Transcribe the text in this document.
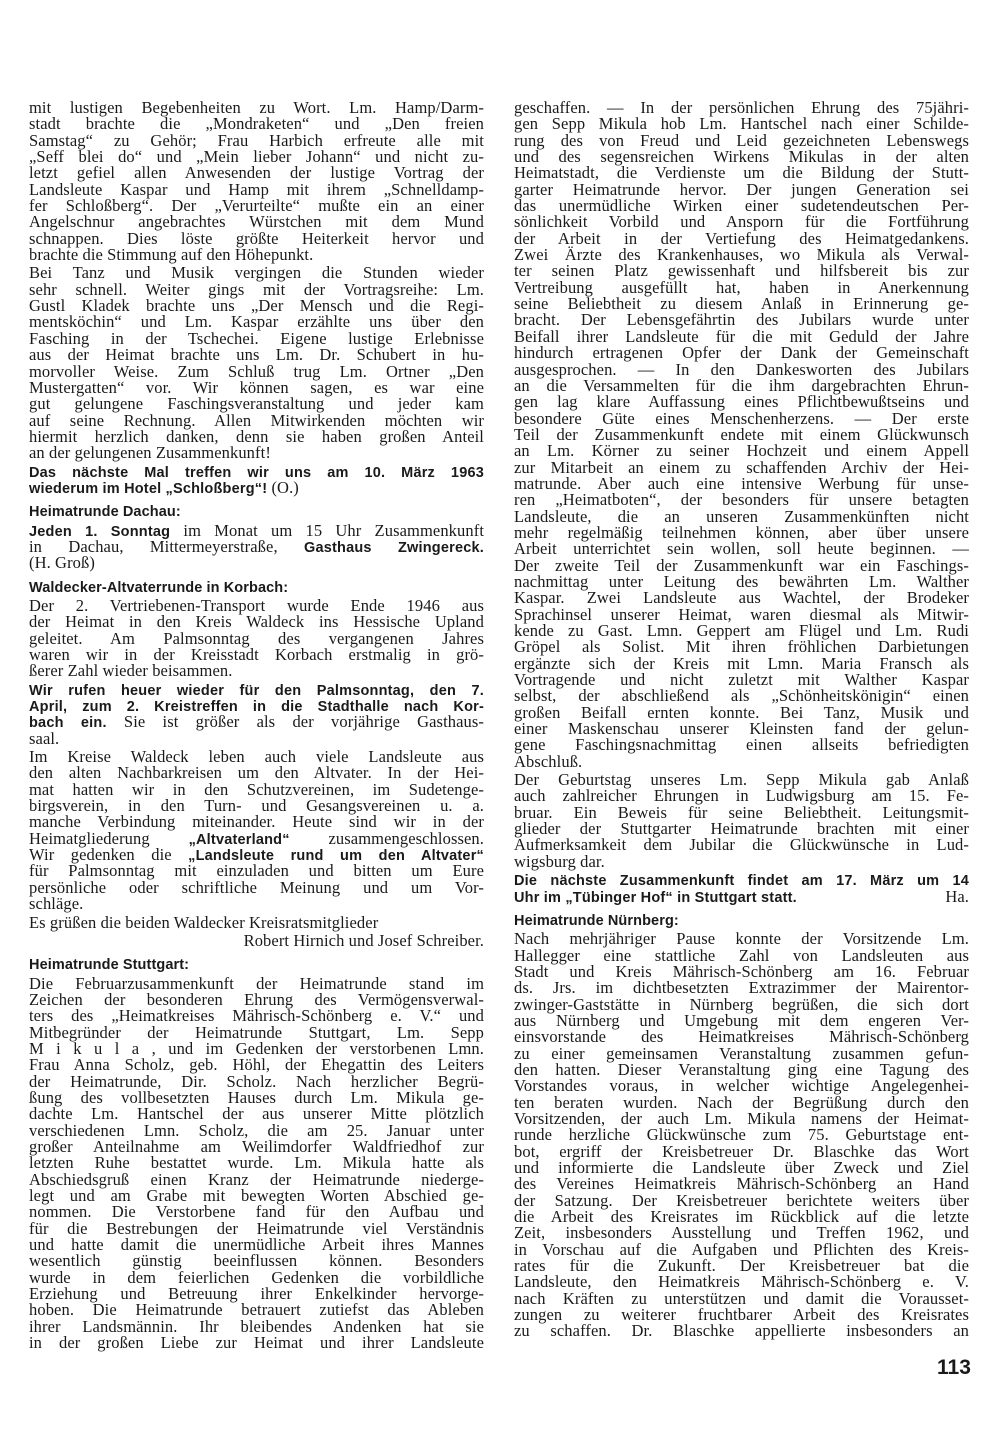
mit lustigen Begebenheiten zu Wort. Lm. Hamp/Darm-
stadt brachte die „Mondraketen“ und „Den freien
Samstag“ zu Gehör; Frau Harbich erfreute alle mit
„Seff blei do“ und „Mein lieber Johann“ und nicht zu-
letzt gefiel allen Anwesenden der lustige Vortrag der
Landsleute Kaspar und Hamp mit ihrem „Schnelldamp-
fer Schloßberg“. Der „Verurteilte“ mußte ein an einer
Angelschnur angebrachtes Würstchen mit dem Mund
schnappen. Dies löste größte Heiterkeit hervor und
brachte die Stimmung auf den Höhepunkt.
Bei Tanz und Musik vergingen die Stunden wieder
sehr schnell. Weiter gings mit der Vortragsreihe: Lm.
Gustl Kladek brachte uns „Der Mensch und die Regi-
mentsköchin“ und Lm. Kaspar erzählte uns über den
Fasching in der Tschechei. Eigene lustige Erlebnisse
aus der Heimat brachte uns Lm. Dr. Schubert in hu-
morvoller Weise. Zum Schluß trug Lm. Ortner „Den
Mustergatten“ vor. Wir können sagen, es war eine
gut gelungene Faschingsveranstaltung und jeder kam
auf seine Rechnung. Allen Mitwirkenden möchten wir
hiermit herzlich danken, denn sie haben großen Anteil
an der gelungenen Zusammenkunft!
Das nächste Mal treffen wir uns am 10. März 1963
wiederum im Hotel „Schloßberg“! (O.)
Heimatrunde Dachau:
Jeden 1. Sonntag im Monat um 15 Uhr Zusammenkunft
in Dachau, Mittermeyerstraße, Gasthaus Zwingereck.
(H. Groß)
Waldecker-Altvaterrunde in Korbach:
Der 2. Vertriebenen-Transport wurde Ende 1946 aus
der Heimat in den Kreis Waldeck ins Hessische Upland
geleitet. Am Palmsonntag des vergangenen Jahres
waren wir in der Kreisstadt Korbach erstmalig in grö-
ßerer Zahl wieder beisammen.
Wir rufen heuer wieder für den Palmsonntag, den 7.
April, zum 2. Kreistreffen in die Stadthalle nach Kor-
bach ein. Sie ist größer als der vorjährige Gasthaus-
saal.
Im Kreise Waldeck leben auch viele Landsleute aus
den alten Nachbarkreisen um den Altvater. In der Hei-
mat hatten wir in den Schutzvereinen, im Sudetenge-
birgsverein, in den Turn- und Gesangsvereinen u. a.
manche Verbindung miteinander. Heute sind wir in der
Heimatgliederung „Altvaterland“ zusammengeschlossen.
Wir gedenken die „Landsleute rund um den Altvater“
für Palmsonntag mit einzuladen und bitten um Eure
persönliche oder schriftliche Meinung und um Vor-
schläge.
Es grüßen die beiden Waldecker Kreisratsmitglieder
Robert Hirnich und Josef Schreiber.
Heimatrunde Stuttgart:
Die Februarzusammenkunft der Heimatrunde stand im
Zeichen der besonderen Ehrung des Vermögensverwal-
ters des „Heimatkreises Mährisch-Schönberg e. V.“ und
Mitbegründer der Heimatrunde Stuttgart, Lm. Sepp
M i k u l a , und im Gedenken der verstorbenen Lmn.
Frau Anna Scholz, geb. Höhl, der Ehegattin des Leiters
der Heimatrunde, Dir. Scholz. Nach herzlicher Begrü-
ßung des vollbesetzten Hauses durch Lm. Mikula ge-
dachte Lm. Hantschel der aus unserer Mitte plötzlich
verschiedenen Lmn. Scholz, die am 25. Januar unter
großer Anteilnahme am Weilimdorfer Waldfriedhof zur
letzten Ruhe bestattet wurde. Lm. Mikula hatte als
Abschiedsgruß einen Kranz der Heimatrunde niederge-
legt und am Grabe mit bewegten Worten Abschied ge-
nommen. Die Verstorbene fand für den Aufbau und
für die Bestrebungen der Heimatrunde viel Verständnis
und hatte damit die unermüdliche Arbeit ihres Mannes
wesentlich günstig beeinflussen können. Besonders
wurde in dem feierlichen Gedenken die vorbildliche
Erziehung und Betreuung ihrer Enkelkinder hervorge-
hoben. Die Heimatrunde betrauert zutiefst das Ableben
ihrer Landsmännin. Ihr bleibendes Andenken hat sie
in der großen Liebe zur Heimat und ihrer Landsleute
geschaffen. — In der persönlichen Ehrung des 75jähri-
gen Sepp Mikula hob Lm. Hantschel nach einer Schilde-
rung des von Freud und Leid gezeichneten Lebenswegs
und des segensreichen Wirkens Mikulas in der alten
Heimatstadt, die Verdienste um die Bildung der Stutt-
garter Heimatrunde hervor. Der jungen Generation sei
das unermüdliche Wirken einer sudetendeutschen Per-
sönlichkeit Vorbild und Ansporn für die Fortführung
der Arbeit in der Vertiefung des Heimatgedankens.
Zwei Ärzte des Krankenhauses, wo Mikula als Verwal-
ter seinen Platz gewissenhaft und hilfsbereit bis zur
Vertreibung ausgefüllt hat, haben in Anerkennung
seine Beliebtheit zu diesem Anlaß in Erinnerung ge-
bracht. Der Lebensgefährtin des Jubilars wurde unter
Beifall ihrer Landsleute für die mit Geduld der Jahre
hindurch ertragenen Opfer der Dank der Gemeinschaft
ausgesprochen. — In den Dankesworten des Jubilars
an die Versammelten für die ihm dargebrachten Ehrun-
gen lag klare Auffassung eines Pflichtbewußtseins und
besondere Güte eines Menschenherzens. — Der erste
Teil der Zusammenkunft endete mit einem Glückwunsch
an Lm. Körner zu seiner Hochzeit und einem Appell
zur Mitarbeit an einem zu schaffenden Archiv der Hei-
matrunde. Aber auch eine intensive Werbung für unse-
ren „Heimatboten“, der besonders für unsere betagten
Landsleute, die an unseren Zusammenkünften nicht
mehr regelmäßig teilnehmen können, aber über unsere
Arbeit unterrichtet sein wollen, soll heute beginnen. —
Der zweite Teil der Zusammenkunft war ein Faschings-
nachmittag unter Leitung des bewährten Lm. Walther
Kaspar. Zwei Landsleute aus Wachtel, der Brodeker
Sprachinsel unserer Heimat, waren diesmal als Mitwir-
kende zu Gast. Lmn. Geppert am Flügel und Lm. Rudi
Gröpel als Solist. Mit ihren fröhlichen Darbietungen
ergänzte sich der Kreis mit Lmn. Maria Fransch als
Vortragende und nicht zuletzt mit Walther Kaspar
selbst, der abschließend als „Schönheitskönigin“ einen
großen Beifall ernten konnte. Bei Tanz, Musik und
einer Maskenschau unserer Kleinsten fand der gelun-
gene Faschingsnachmittag einen allseits befriedigten
Abschluß.
Der Geburtstag unseres Lm. Sepp Mikula gab Anlaß
auch zahlreicher Ehrungen in Ludwigsburg am 15. Fe-
bruar. Ein Beweis für seine Beliebtheit. Leitungsmit-
glieder der Stuttgarter Heimatrunde brachten mit einer
Aufmerksamkeit dem Jubilar die Glückwünsche in Lud-
wigsburg dar.
Die nächste Zusammenkunft findet am 17. März um 14
Uhr im „Tübinger Hof“ in Stuttgart statt.	Ha.
Heimatrunde Nürnberg:
Nach mehrjähriger Pause konnte der Vorsitzende Lm.
Hallegger eine stattliche Zahl von Landsleuten aus
Stadt und Kreis Mährisch-Schönberg am 16. Februar
ds. Jrs. im dichtbesetzten Extrazimmer der Mairentor-
zwinger-Gaststätte in Nürnberg begrüßen, die sich dort
aus Nürnberg und Umgebung mit dem engeren Ver-
einsvorstande des Heimatkreises Mährisch-Schönberg
zu einer gemeinsamen Veranstaltung zusammen gefun-
den hatten. Dieser Veranstaltung ging eine Tagung des
Vorstandes voraus, in welcher wichtige Angelegenhei-
ten beraten wurden. Nach der Begrüßung durch den
Vorsitzenden, der auch Lm. Mikula namens der Heimat-
runde herzliche Glückwünsche zum 75. Geburtstage ent-
bot, ergriff der Kreisbetreuer Dr. Blaschke das Wort
und informierte die Landsleute über Zweck und Ziel
des Vereines Heimatkreis Mährisch-Schönberg an Hand
der Satzung. Der Kreisbetreuer berichtete weiters über
die Arbeit des Kreisrates im Rückblick auf die letzte
Zeit, insbesonders Ausstellung und Treffen 1962, und
in Vorschau auf die Aufgaben und Pflichten des Kreis-
rates für die Zukunft. Der Kreisbetreuer bat die
Landsleute, den Heimatkreis Mährisch-Schönberg e. V.
nach Kräften zu unterstützen und damit die Vorausset-
zungen zu weiterer fruchtbarer Arbeit des Kreisrates
zu schaffen. Dr. Blaschke appellierte insbesonders an
113
